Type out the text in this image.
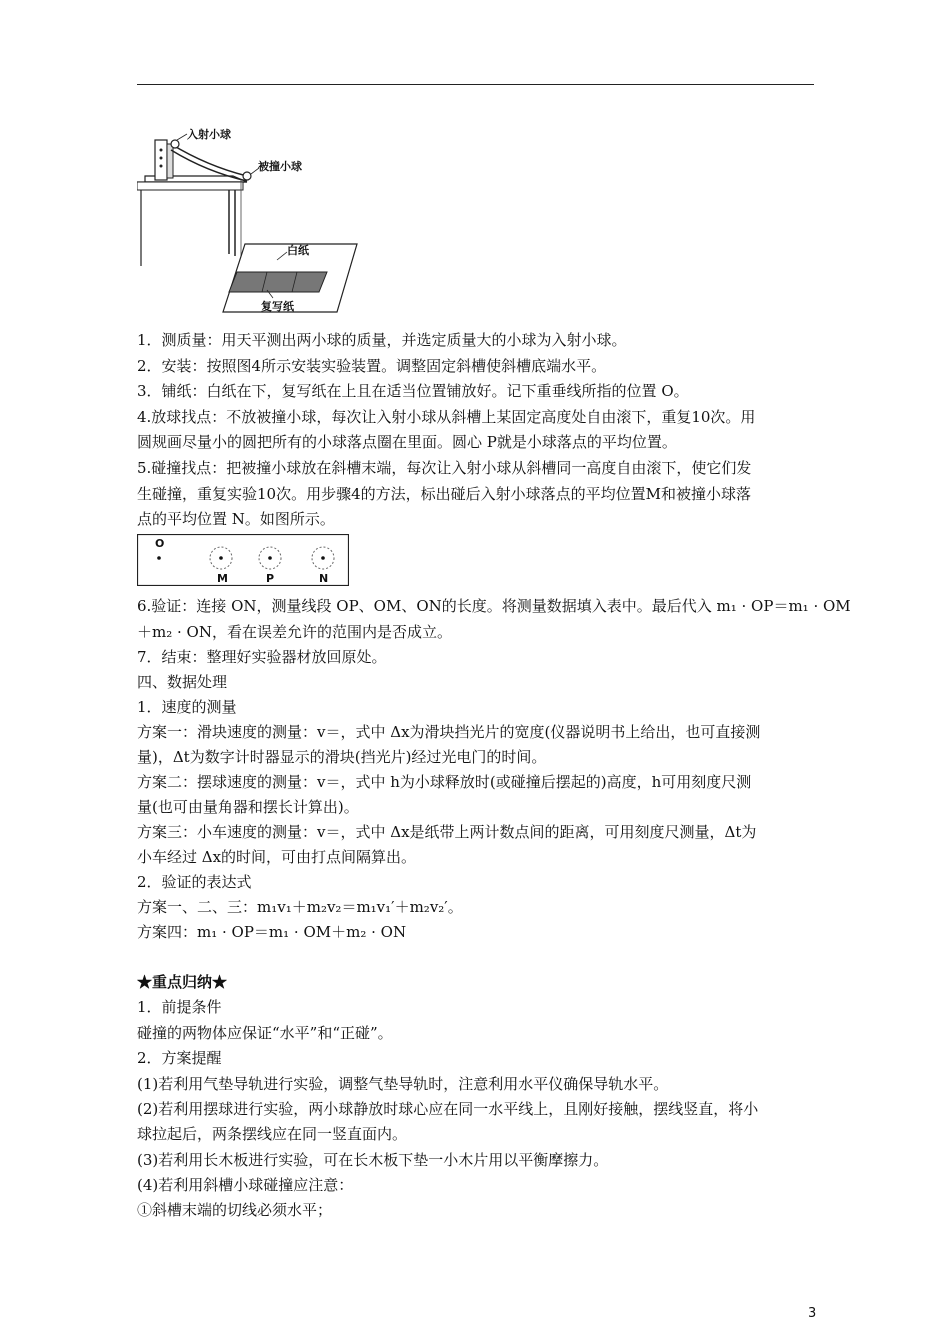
入射小球
被撞小球
白纸
复写纸
O
M	P	N
1．测质量：用天平测出两小球的质量，并选定质量大的小球为入射小球。
2．安装：按照图4所示安装实验装置。调整固定斜槽使斜槽底端水平。
3．铺纸：白纸在下，复写纸在上且在适当位置铺放好。记下重垂线所指的位置 O。
4.放球找点：不放被撞小球，每次让入射小球从斜槽上某固定高度处自由滚下，重复10次。用
圆规画尽量小的圆把所有的小球落点圈在里面。圆心 P就是小球落点的平均位置。
5.碰撞找点：把被撞小球放在斜槽末端，每次让入射小球从斜槽同一高度自由滚下，使它们发
生碰撞，重复实验10次。用步骤4的方法，标出碰后入射小球落点的平均位置M和被撞小球落
点的平均位置 N。如图所示。
6.验证：连接 ON，测量线段 OP、OM、ON的长度。将测量数据填入表中。最后代入 m₁ · OP＝m₁ · OM
＋m₂ · ON，看在误差允许的范围内是否成立。
7．结束：整理好实验器材放回原处。
四、数据处理
1．速度的测量
方案一：滑块速度的测量：v＝，式中 Δx为滑块挡光片的宽度(仪器说明书上给出，也可直接测
量)，Δt为数字计时器显示的滑块(挡光片)经过光电门的时间。
方案二：摆球速度的测量：v＝，式中 h为小球释放时(或碰撞后摆起的)高度，h可用刻度尺测
量(也可由量角器和摆长计算出)。
方案三：小车速度的测量：v＝，式中 Δx是纸带上两计数点间的距离，可用刻度尺测量，Δt为
小车经过 Δx的时间，可由打点间隔算出。
2．验证的表达式
方案一、二、三：m₁v₁＋m₂v₂＝m₁v₁′＋m₂v₂′。
方案四：m₁ · OP＝m₁ · OM＋m₂ · ON
★重点归纳★
1．前提条件
碰撞的两物体应保证“水平”和“正碰”。
2．方案提醒
(1)若利用气垫导轨进行实验，调整气垫导轨时，注意利用水平仪确保导轨水平。
(2)若利用摆球进行实验，两小球静放时球心应在同一水平线上，且刚好接触，摆线竖直，将小
球拉起后，两条摆线应在同一竖直面内。
(3)若利用长木板进行实验，可在长木板下垫一小木片用以平衡摩擦力。
(4)若利用斜槽小球碰撞应注意：
①斜槽末端的切线必须水平；
3
